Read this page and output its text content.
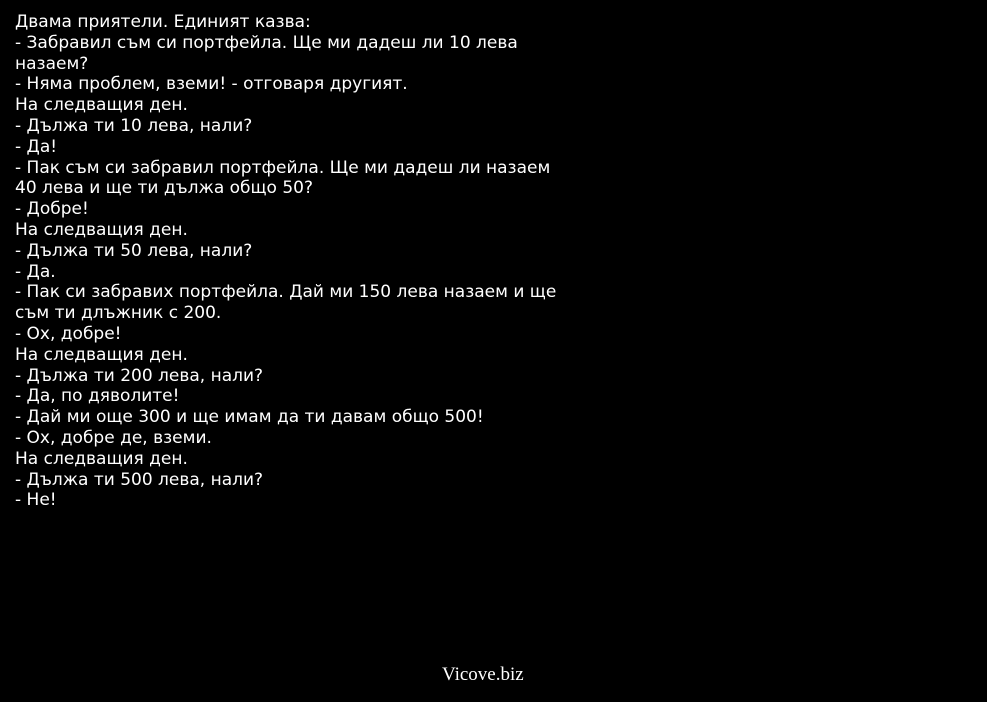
Двама приятели. Единият казва:
- Забравил съм си портфейла. Ще ми дадеш ли 10 лева назаем?
- Няма проблем, вземи! - отговаря другият.
На следващия ден.
- Дължа ти 10 лева, нали?
- Да!
- Пак съм си забравил портфейла. Ще ми дадеш ли назаем 40 лева и ще ти дължа общо 50?
- Добре!
На следващия ден.
- Дължа ти 50 лева, нали?
- Да.
- Пак си забравих портфейла. Дай ми 150 лева назаем и ще съм ти длъжник с 200.
- Ох, добре!
На следващия ден.
- Дължа ти 200 лева, нали?
- Да, по дяволите!
- Дай ми още 300 и ще имам да ти давам общо 500!
- Ох, добре де, вземи.
На следващия ден.
- Дължа ти 500 лева, нали?
- Не!
Vicove.biz
